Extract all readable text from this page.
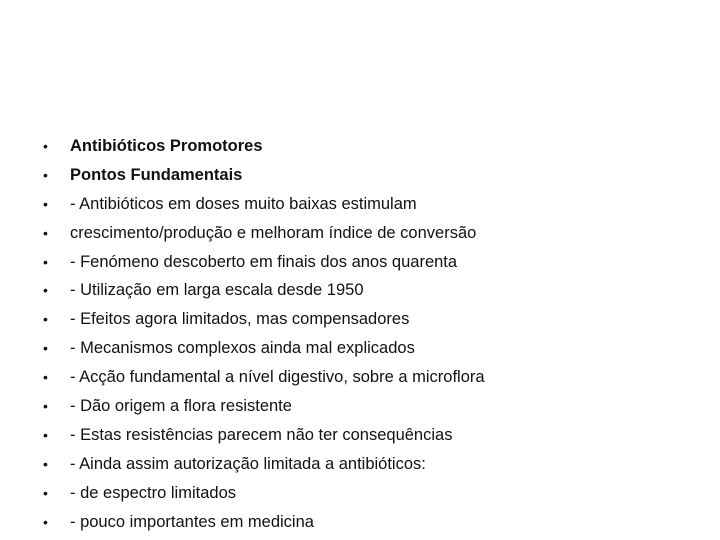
•	Antibióticos Promotores
•	Pontos Fundamentais
•	- Antibióticos em doses muito baixas estimulam
•	crescimento/produção e melhoram índice de conversão
•	- Fenómeno descoberto em finais dos anos quarenta
•	- Utilização em larga escala desde 1950
•	- Efeitos agora limitados, mas compensadores
•	- Mecanismos complexos ainda mal explicados
•	- Acção fundamental a nível digestivo, sobre a microflora
•	- Dão origem a flora resistente
•	- Estas resistências parecem não ter consequências
•	- Ainda assim autorização limitada a antibióticos:
•	- de espectro limitados
•	- pouco importantes em medicina
